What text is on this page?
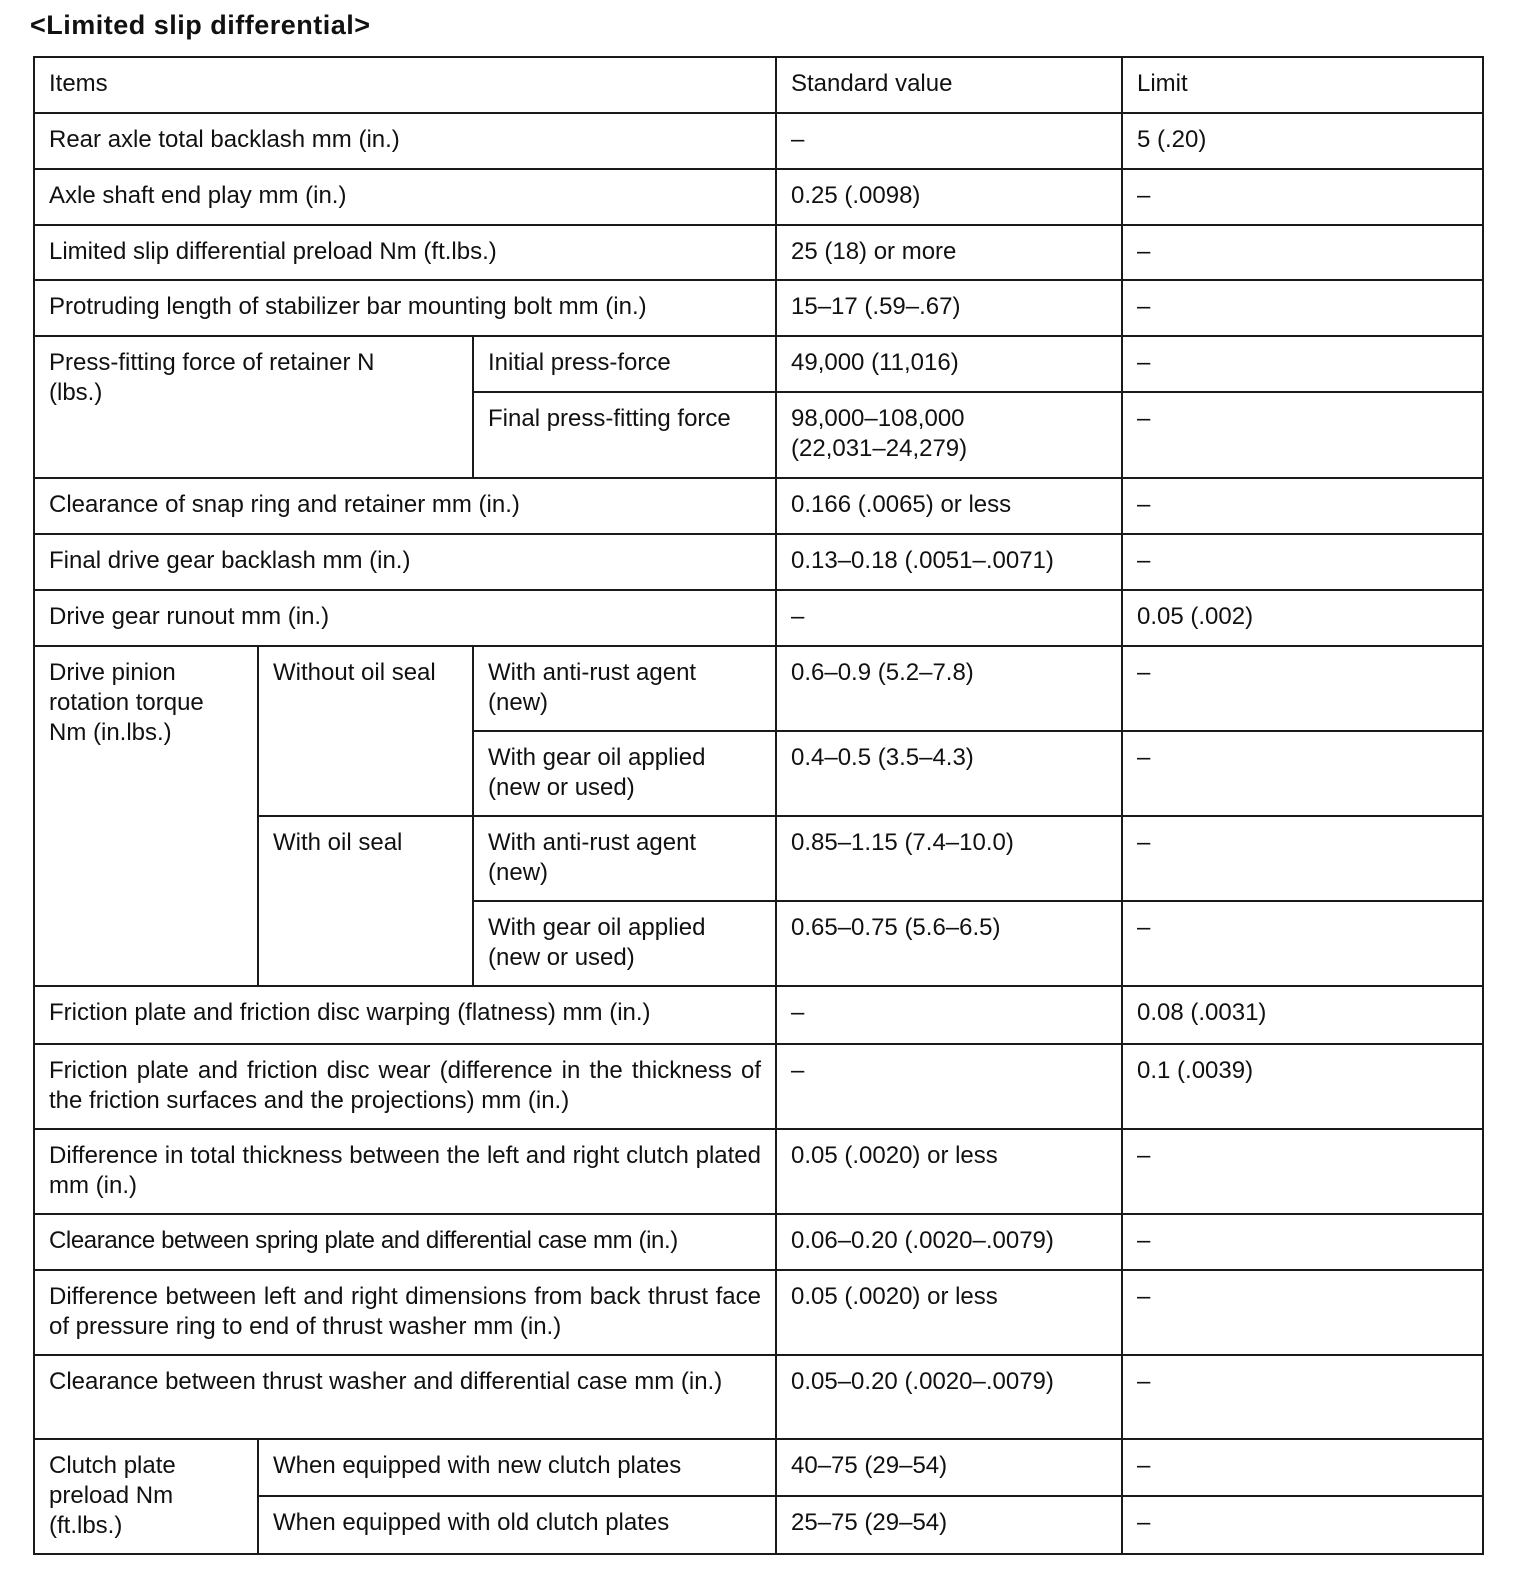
<Limited slip differential>
Items			Standard value	Limit
Rear axle total backlash mm (in.)			–	5 (.20)
Axle shaft end play mm (in.)			0.25 (.0098)	–
Limited slip differential preload Nm (ft.lbs.)			25 (18) or more	–
Protruding length of stabilizer bar mounting bolt mm (in.)			15–17 (.59–.67)	–
Press-fitting force of retainer N (lbs.)		Initial press-force	49,000 (11,016)	–
		Final press-fitting force	98,000–108,000 (22,031–24,279)	–
Clearance of snap ring and retainer mm (in.)			0.166 (.0065) or less	–
Final drive gear backlash mm (in.)			0.13–0.18 (.0051–.0071)	–
Drive gear runout mm (in.)			–	0.05 (.002)
Drive pinion rotation torque Nm (in.lbs.)	Without oil seal	With anti-rust agent (new)	0.6–0.9 (5.2–7.8)	–
		With gear oil applied (new or used)	0.4–0.5 (3.5–4.3)	–
	With oil seal	With anti-rust agent (new)	0.85–1.15 (7.4–10.0)	–
		With gear oil applied (new or used)	0.65–0.75 (5.6–6.5)	–
Friction plate and friction disc warping (flatness) mm (in.)			–	0.08 (.0031)
Friction plate and friction disc wear (difference in the thickness of the friction surfaces and the projections) mm (in.)			–	0.1 (.0039)
Difference in total thickness between the left and right clutch plated mm (in.)			0.05 (.0020) or less	–
Clearance between spring plate and differential case mm (in.)			0.06–0.20 (.0020–.0079)	–
Difference between left and right dimensions from back thrust face of pressure ring to end of thrust washer mm (in.)			0.05 (.0020) or less	–
Clearance between thrust washer and differential case mm (in.)			0.05–0.20 (.0020–.0079)	–
Clutch plate preload Nm (ft.lbs.)	When equipped with new clutch plates		40–75 (29–54)	–
	When equipped with old clutch plates		25–75 (29–54)	–
